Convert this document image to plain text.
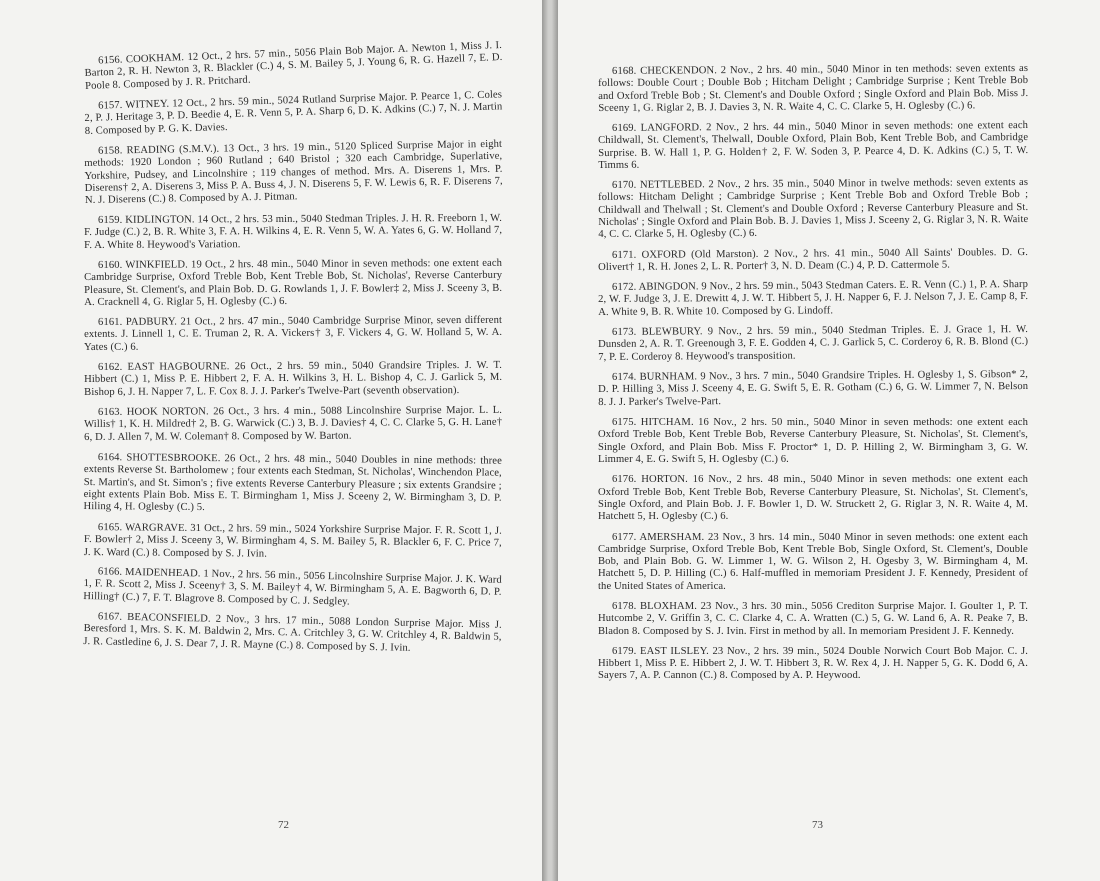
6156. COOKHAM. 12 Oct., 2 hrs. 57 min., 5056 Plain Bob Major. A. Newton 1, Miss J. I. Barton 2, R. H. Newton 3, R. Blackler (C.) 4, S. M. Bailey 5, J. Young 6, R. G. Hazell 7, E. D. Poole 8. Composed by J. R. Pritchard.

6157. WITNEY. 12 Oct., 2 hrs. 59 min., 5024 Rutland Surprise Major. P. Pearce 1, C. Coles 2, P. J. Heritage 3, P. D. Beedie 4, E. R. Venn 5, P. A. Sharp 6, D. K. Adkins (C.) 7, N. J. Martin 8. Composed by P. G. K. Davies.

6158. READING (S.M.V.). 13 Oct., 3 hrs. 19 min., 5120 Spliced Surprise Major in eight methods: 1920 London ; 960 Rutland ; 640 Bristol ; 320 each Cambridge, Superlative, Yorkshire, Pudsey, and Lincolnshire ; 119 changes of method. Mrs. A. Diserens 1, Mrs. P. Diserens† 2, A. Diserens 3, Miss P. A. Buss 4, J. N. Diserens 5, F. W. Lewis 6, R. F. Diserens 7, N. J. Diserens (C.) 8. Composed by A. J. Pitman.

6159. KIDLINGTON. 14 Oct., 2 hrs. 53 min., 5040 Stedman Triples. J. H. R. Freeborn 1, W. F. Judge (C.) 2, B. R. White 3, F. A. H. Wilkins 4, E. R. Venn 5, W. A. Yates 6, G. W. Holland 7, F. A. White 8. Heywood's Variation.

6160. WINKFIELD. 19 Oct., 2 hrs. 48 min., 5040 Minor in seven methods: one extent each Cambridge Surprise, Oxford Treble Bob, Kent Treble Bob, St. Nicholas', Reverse Canterbury Pleasure, St. Clement's, and Plain Bob. D. G. Rowlands 1, J. F. Bowler‡ 2, Miss J. Sceeny 3, B. A. Cracknell 4, G. Riglar 5, H. Oglesby (C.) 6.

6161. PADBURY. 21 Oct., 2 hrs. 47 min., 5040 Cambridge Surprise Minor, seven different extents. J. Linnell 1, C. E. Truman 2, R. A. Vickers† 3, F. Vickers 4, G. W. Holland 5, W. A. Yates (C.) 6.

6162. EAST HAGBOURNE. 26 Oct., 2 hrs. 59 min., 5040 Grandsire Triples. J. W. T. Hibbert (C.) 1, Miss P. E. Hibbert 2, F. A. H. Wilkins 3, H. L. Bishop 4, C. J. Garlick 5, M. Bishop 6, J. H. Napper 7, L. F. Cox 8. J. J. Parker's Twelve-Part (seventh observation).

6163. HOOK NORTON. 26 Oct., 3 hrs. 4 min., 5088 Lincolnshire Surprise Major. L. L. Willis† 1, K. H. Mildred† 2, B. G. Warwick (C.) 3, B. J. Davies† 4, C. C. Clarke 5, G. H. Lane† 6, D. J. Allen 7, M. W. Coleman† 8. Composed by W. Barton.

6164. SHOTTESBROOKE. 26 Oct., 2 hrs. 48 min., 5040 Doubles in nine methods: three extents Reverse St. Bartholomew ; four extents each Stedman, St. Nicholas', Winchendon Place, St. Martin's, and St. Simon's ; five extents Reverse Canterbury Pleasure ; six extents Grandsire ; eight extents Plain Bob. Miss E. T. Birmingham 1, Miss J. Sceeny 2, W. Birmingham 3, D. P. Hiling 4, H. Oglesby (C.) 5.

6165. WARGRAVE. 31 Oct., 2 hrs. 59 min., 5024 Yorkshire Surprise Major. F. R. Scott 1, J. F. Bowler† 2, Miss J. Sceeny 3, W. Birmingham 4, S. M. Bailey 5, R. Blackler 6, F. C. Price 7, J. K. Ward (C.) 8. Composed by S. J. Ivin.

6166. MAIDENHEAD. 1 Nov., 2 hrs. 56 min., 5056 Lincolnshire Surprise Major. J. K. Ward 1, F. R. Scott 2, Miss J. Sceeny† 3, S. M. Bailey† 4, W. Birmingham 5, A. E. Bagworth 6, D. P. Hilling† (C.) 7, F. T. Blagrove 8. Composed by C. J. Sedgley.

6167. BEACONSFIELD. 2 Nov., 3 hrs. 17 min., 5088 London Surprise Major. Miss J. Beresford 1, Mrs. S. K. M. Baldwin 2, Mrs. C. A. Critchley 3, G. W. Critchley 4, R. Baldwin 5, J. R. Castledine 6, J. S. Dear 7, J. R. Mayne (C.) 8. Composed by S. J. Ivin.

72

6168. CHECKENDON. 2 Nov., 2 hrs. 40 min., 5040 Minor in ten methods: seven extents as follows: Double Court ; Double Bob ; Hitcham Delight ; Cambridge Surprise ; Kent Treble Bob and Oxford Treble Bob ; St. Clement's and Double Oxford ; Single Oxford and Plain Bob. Miss J. Sceeny 1, G. Riglar 2, B. J. Davies 3, N. R. Waite 4, C. C. Clarke 5, H. Oglesby (C.) 6.

6169. LANGFORD. 2 Nov., 2 hrs. 44 min., 5040 Minor in seven methods: one extent each Childwall, St. Clement's, Thelwall, Double Oxford, Plain Bob, Kent Treble Bob, and Cambridge Surprise. B. W. Hall 1, P. G. Holden† 2, F. W. Soden 3, P. Pearce 4, D. K. Adkins (C.) 5, T. W. Timms 6.

6170. NETTLEBED. 2 Nov., 2 hrs. 35 min., 5040 Minor in twelve methods: seven extents as follows: Hitcham Delight ; Cambridge Surprise ; Kent Treble Bob and Oxford Treble Bob ; Childwall and Thelwall ; St. Clement's and Double Oxford ; Reverse Canterbury Pleasure and St. Nicholas' ; Single Oxford and Plain Bob. B. J. Davies 1, Miss J. Sceeny 2, G. Riglar 3, N. R. Waite 4, C. C. Clarke 5, H. Oglesby (C.) 6.

6171. OXFORD (Old Marston). 2 Nov., 2 hrs. 41 min., 5040 All Saints' Doubles. D. G. Olivert† 1, R. H. Jones 2, L. R. Porter† 3, N. D. Deam (C.) 4, P. D. Cattermole 5.

6172. ABINGDON. 9 Nov., 2 hrs. 59 min., 5043 Stedman Caters. E. R. Venn (C.) 1, P. A. Sharp 2, W. F. Judge 3, J. E. Drewitt 4, J. W. T. Hibbert 5, J. H. Napper 6, F. J. Nelson 7, J. E. Camp 8, F. A. White 9, B. R. White 10. Composed by G. Lindoff.

6173. BLEWBURY. 9 Nov., 2 hrs. 59 min., 5040 Stedman Triples. E. J. Grace 1, H. W. Dunsden 2, A. R. T. Greenough 3, F. E. Godden 4, C. J. Garlick 5, C. Corderoy 6, R. B. Blond (C.) 7, P. E. Corderoy 8. Heywood's transposition.

6174. BURNHAM. 9 Nov., 3 hrs. 7 min., 5040 Grandsire Triples. H. Oglesby 1, S. Gibson* 2, D. P. Hilling 3, Miss J. Sceeny 4, E. G. Swift 5, E. R. Gotham (C.) 6, G. W. Limmer 7, N. Belson 8. J. J. Parker's Twelve-Part.

6175. HITCHAM. 16 Nov., 2 hrs. 50 min., 5040 Minor in seven methods: one extent each Oxford Treble Bob, Kent Treble Bob, Reverse Canterbury Pleasure, St. Nicholas', St. Clement's, Single Oxford, and Plain Bob. Miss F. Proctor* 1, D. P. Hilling 2, W. Birmingham 3, G. W. Limmer 4, E. G. Swift 5, H. Oglesby (C.) 6.

6176. HORTON. 16 Nov., 2 hrs. 48 min., 5040 Minor in seven methods: one extent each Oxford Treble Bob, Kent Treble Bob, Reverse Canterbury Pleasure, St. Nicholas', St. Clement's, Single Oxford, and Plain Bob. J. F. Bowler 1, D. W. Struckett 2, G. Riglar 3, N. R. Waite 4, M. Hatchett 5, H. Oglesby (C.) 6.

6177. AMERSHAM. 23 Nov., 3 hrs. 14 min., 5040 Minor in seven methods: one extent each Cambridge Surprise, Oxford Treble Bob, Kent Treble Bob, Single Oxford, St. Clement's, Double Bob, and Plain Bob. G. W. Limmer 1, W. G. Wilson 2, H. Ogesby 3, W. Birmingham 4, M. Hatchett 5, D. P. Hilling (C.) 6. Half-muffled in memoriam President J. F. Kennedy, President of the United States of America.

6178. BLOXHAM. 23 Nov., 3 hrs. 30 min., 5056 Crediton Surprise Major. I. Goulter 1, P. T. Hutcombe 2, V. Griffin 3, C. C. Clarke 4, C. A. Wratten (C.) 5, G. W. Land 6, A. R. Peake 7, B. Bladon 8. Composed by S. J. Ivin. First in method by all. In memoriam President J. F. Kennedy.

6179. EAST ILSLEY. 23 Nov., 2 hrs. 39 min., 5024 Double Norwich Court Bob Major. C. J. Hibbert 1, Miss P. E. Hibbert 2, J. W. T. Hibbert 3, R. W. Rex 4, J. H. Napper 5, G. K. Dodd 6, A. Sayers 7, A. P. Cannon (C.) 8. Composed by A. P. Heywood.

73
